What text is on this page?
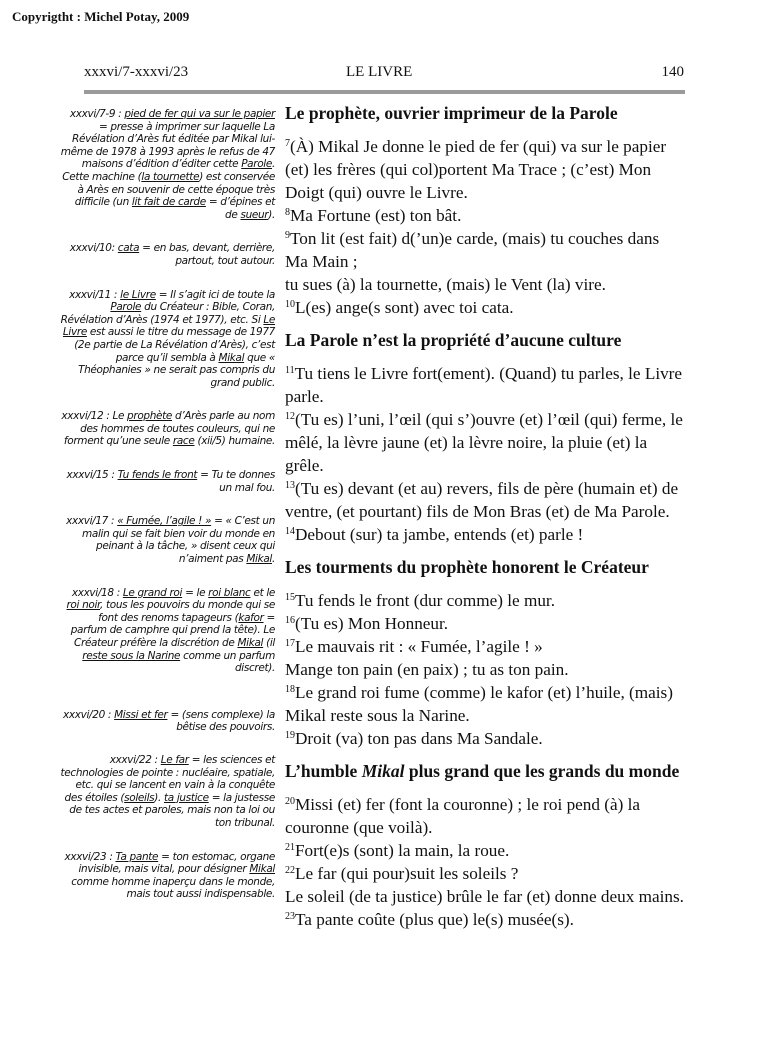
Copyrigtht : Michel Potay, 2009
xxxvi/7-xxxvi/23	LE LIVRE	140

xxxvi/7-9 : pied de fer qui va sur le papier = presse à imprimer sur laquelle La Révélation d’Arès fut éditée par Mikal lui-même de 1978 à 1993 après le refus de 47 maisons d’édition d’éditer cette Parole. Cette machine (la tournette) est conservée à Arès en souvenir de cette époque très difficile (un lit fait de carde = d’épines et de sueur).

xxxvi/10: cata = en bas, devant, derrière, partout, tout autour.

xxxvi/11 : le Livre = Il s’agit ici de toute la Parole du Créateur : Bible, Coran, Révélation d’Arès (1974 et 1977), etc. Si Le Livre est aussi le titre du message de 1977 (2e partie de La Révélation d’Arès), c’est parce qu’il sembla à Mikal que « Théophanies » ne serait pas compris du grand public.

xxxvi/12 : Le prophète d’Arès parle au nom des hommes de toutes couleurs, qui ne forment qu’une seule race (xii/5) humaine.

xxxvi/15 : Tu fends le front = Tu te donnes un mal fou.

xxxvi/17 : « Fumée, l’agile ! » = « C’est un malin qui se fait bien voir du monde en peinant à la tâche, » disent ceux qui n’aiment pas Mikal.

xxxvi/18 : Le grand roi = le roi blanc et le roi noir, tous les pouvoirs du monde qui se font des renoms tapageurs (kafor = parfum de camphre qui prend la tête). Le Créateur préfère la discrétion de Mikal (il reste sous la Narine comme un parfum discret).

xxxvi/20 : Missi et fer = (sens complexe) la bêtise des pouvoirs.

xxxvi/22 : Le far = les sciences et technologies de pointe : nucléaire, spatiale, etc. qui se lancent en vain à la conquête des étoiles (soleils). ta justice = la justesse de tes actes et paroles, mais non ta loi ou ton tribunal.

xxxvi/23 : Ta pante = ton estomac, organe invisible, mais vital, pour désigner Mikal comme homme inaperçu dans le monde, mais tout aussi indispensable.

Le prophète, ouvrier imprimeur de la Parole

$^7$(À) Mikal Je donne le pied de fer (qui) va sur le papier (et) les frères (qui col)portent Ma Trace ; (c’est) Mon Doigt (qui) ouvre le Livre.

$^8$Ma Fortune (est) ton bât.

$^9$Ton lit (est fait) d(’un)e carde, (mais) tu couches dans Ma Main ;

tu sues (à) la tournette, (mais) le Vent (la) vire.

$^{10}$L(es) ange(s sont) avec toi cata.

La Parole n’est la propriété d’aucune culture

$^{11}$Tu tiens le Livre fort(ement). (Quand) tu parles, le Livre parle.

$^{12}$(Tu es) l’uni, l’œil (qui s’)ouvre (et) l’œil (qui) ferme, le mêlé, la lèvre jaune (et) la lèvre noire, la pluie (et) la grêle.

$^{13}$(Tu es) devant (et au) revers, fils de père (humain et) de ventre, (et pourtant) fils de Mon Bras (et) de Ma Parole.

$^{14}$Debout (sur) ta jambe, entends (et) parle !

Les tourments du prophète honorent le Créateur

$^{15}$Tu fends le front (dur comme) le mur.

$^{16}$(Tu es) Mon Honneur.

$^{17}$Le mauvais rit : « Fumée, l’agile ! »

Mange ton pain (en paix) ; tu as ton pain.

$^{18}$Le grand roi fume (comme) le kafor (et) l’huile, (mais) Mikal reste sous la Narine.

$^{19}$Droit (va) ton pas dans Ma Sandale.

L’humble Mikal plus grand que les grands du monde

$^{20}$Missi (et) fer (font la couronne) ; le roi pend (à) la couronne (que voilà).

$^{21}$Fort(e)s (sont) la main, la roue.

$^{22}$Le far (qui pour)suit les soleils ?

Le soleil (de ta justice) brûle le far (et) donne deux mains.

$^{23}$Ta pante coûte (plus que) le(s) musée(s).
